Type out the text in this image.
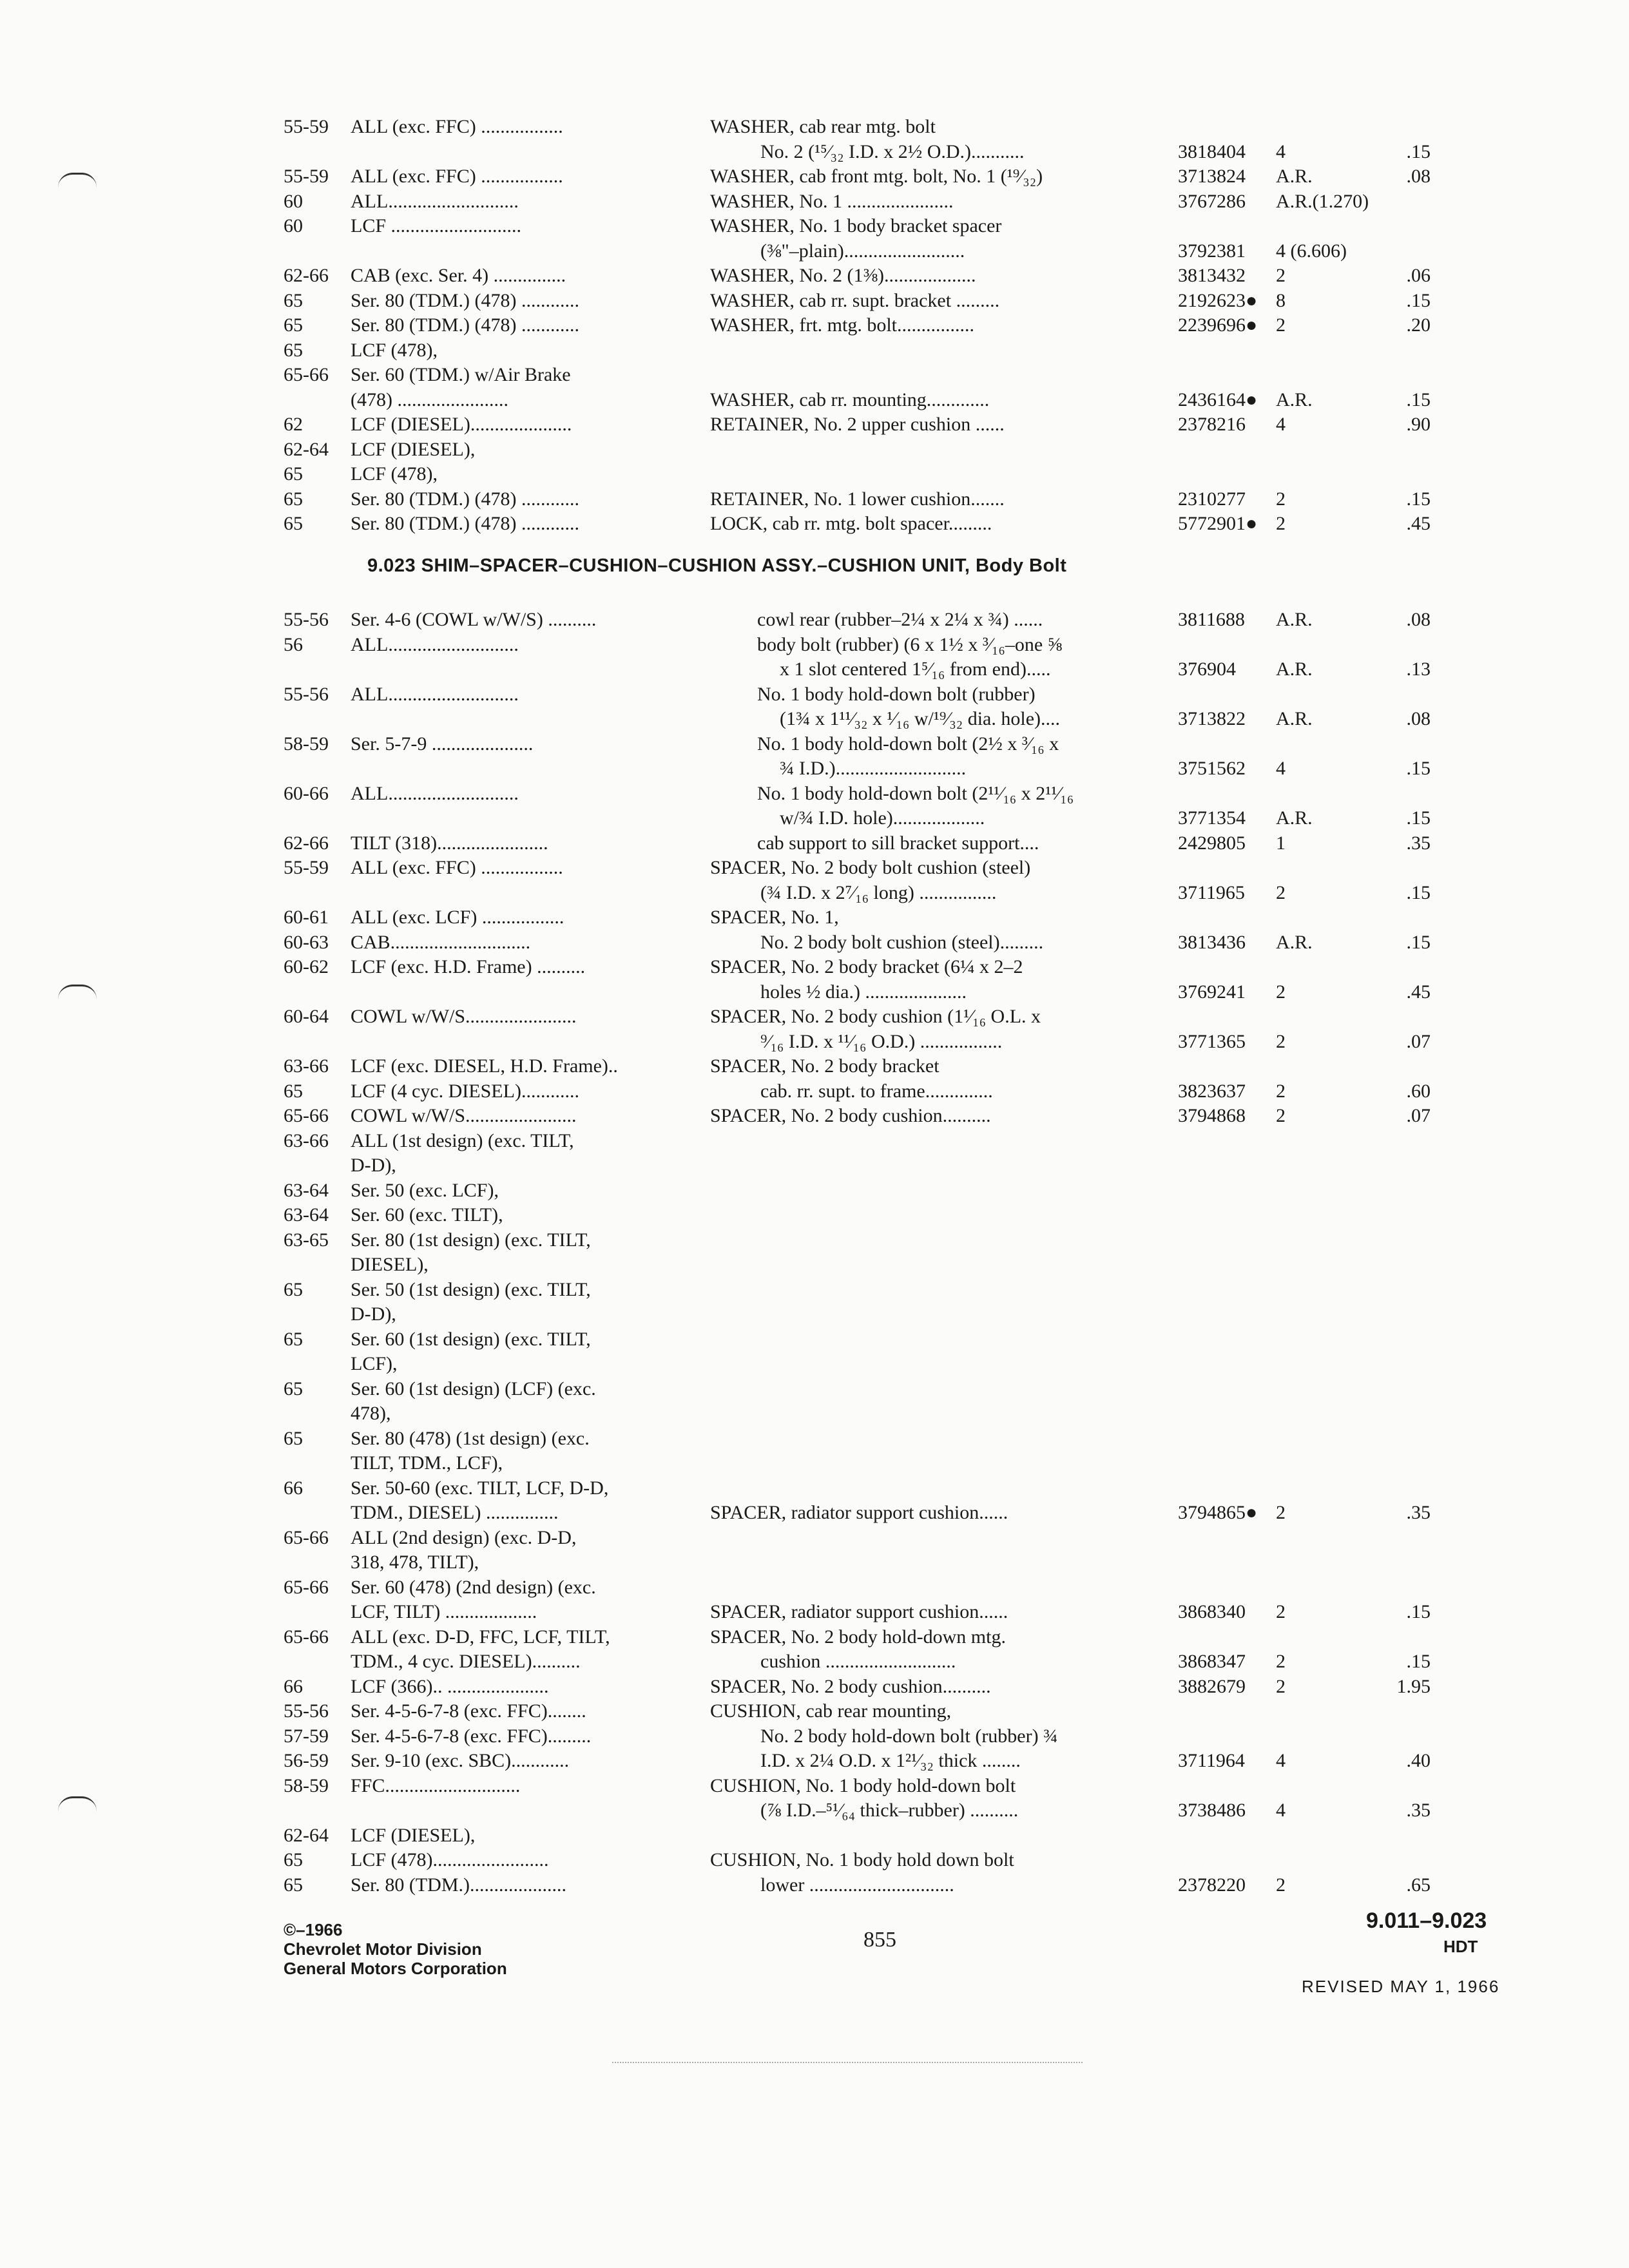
55-59 ALL (exc. FFC) .................	WASHER, cab rear mtg. bolt
No. 2 (¹⁵⁄₃₂ I.D. x 2½ O.D.)...........	3818404 4	.15
55-59 ALL (exc. FFC) .................	WASHER, cab front mtg. bolt, No. 1 (¹⁹⁄₃₂)	3713824 A.R.	.08
60 ALL...........................	WASHER, No. 1 ......................	3767286 A.R.(1.270)
60 LCF ...........................	WASHER, No. 1 body bracket spacer
(⅜"–plain).........................	3792381 4 (6.606)
62-66 CAB (exc. Ser. 4) ...............	WASHER, No. 2 (1⅜)...................	3813432 2	.06
65 Ser. 80 (TDM.) (478) ............	WASHER, cab rr. supt. bracket .........	2192623● 8	.15
65 Ser. 80 (TDM.) (478) ............	WASHER, frt. mtg. bolt................	2239696● 2	.20
65 LCF (478),
65-66 Ser. 60 (TDM.) w/Air Brake
(478) .......................	WASHER, cab rr. mounting.............	2436164● A.R.	.15
62 LCF (DIESEL).....................	RETAINER, No. 2 upper cushion ......	2378216 4	.90
62-64 LCF (DIESEL),
65 LCF (478),
65 Ser. 80 (TDM.) (478) ............	RETAINER, No. 1 lower cushion.......	2310277 2	.15
65 Ser. 80 (TDM.) (478) ............	LOCK, cab rr. mtg. bolt spacer.........	5772901● 2	.45
9.023 SHIM–SPACER–CUSHION–CUSHION ASSY.–CUSHION UNIT, Body Bolt
55-56 Ser. 4-6 (COWL w/W/S) ..........	cowl rear (rubber–2¼ x 2¼ x ¾) ......	3811688 A.R.	.08
56 ALL...........................	body bolt (rubber) (6 x 1½ x ³⁄₁₆–one ⅝
x 1 slot centered 1⁵⁄₁₆ from end).....	376904 A.R.	.13
55-56 ALL...........................	No. 1 body hold-down bolt (rubber)
(1¾ x 1¹¹⁄₃₂ x ¹⁄₁₆ w/¹⁹⁄₃₂ dia. hole)....	3713822 A.R.	.08
58-59 Ser. 5-7-9 .....................	No. 1 body hold-down bolt (2½ x ³⁄₁₆ x
¾ I.D.)...........................	3751562 4	.15
60-66 ALL...........................	No. 1 body hold-down bolt (2¹¹⁄₁₆ x 2¹¹⁄₁₆
w/¾ I.D. hole)...................	3771354 A.R.	.15
62-66 TILT (318).......................	cab support to sill bracket support....	2429805 1	.35
55-59 ALL (exc. FFC) .................	SPACER, No. 2 body bolt cushion (steel)
(¾ I.D. x 2⁷⁄₁₆ long) ................	3711965 2	.15
60-61 ALL (exc. LCF) .................	SPACER, No. 1,
60-63 CAB.............................	No. 2 body bolt cushion (steel).........	3813436 A.R.	.15
60-62 LCF (exc. H.D. Frame) ..........	SPACER, No. 2 body bracket (6¼ x 2–2
holes ½ dia.) .....................	3769241 2	.45
60-64 COWL w/W/S.......................	SPACER, No. 2 body cushion (1¹⁄₁₆ O.L. x
⁹⁄₁₆ I.D. x ¹¹⁄₁₆ O.D.) .................	3771365 2	.07
63-66 LCF (exc. DIESEL, H.D. Frame)..	SPACER, No. 2 body bracket
65 LCF (4 cyc. DIESEL)............	cab. rr. supt. to frame..............	3823637 2	.60
65-66 COWL w/W/S.......................	SPACER, No. 2 body cushion..........	3794868 2	.07
63-66 ALL (1st design) (exc. TILT,
D-D),
63-64 Ser. 50 (exc. LCF),
63-64 Ser. 60 (exc. TILT),
63-65 Ser. 80 (1st design) (exc. TILT,
DIESEL),
65 Ser. 50 (1st design) (exc. TILT,
D-D),
65 Ser. 60 (1st design) (exc. TILT,
LCF),
65 Ser. 60 (1st design) (LCF) (exc.
478),
65 Ser. 80 (478) (1st design) (exc.
TILT, TDM., LCF),
66 Ser. 50-60 (exc. TILT, LCF, D-D,
TDM., DIESEL) ...............	SPACER, radiator support cushion......	3794865● 2	.35
65-66 ALL (2nd design) (exc. D-D,
318, 478, TILT),
65-66 Ser. 60 (478) (2nd design) (exc.
LCF, TILT) ...................	SPACER, radiator support cushion......	3868340 2	.15
65-66 ALL (exc. D-D, FFC, LCF, TILT,	SPACER, No. 2 body hold-down mtg.
TDM., 4 cyc. DIESEL)..........	cushion ...........................	3868347 2	.15
66 LCF (366).. .....................	SPACER, No. 2 body cushion..........	3882679 2	1.95
55-56 Ser. 4-5-6-7-8 (exc. FFC)........	CUSHION, cab rear mounting,
57-59 Ser. 4-5-6-7-8 (exc. FFC).........	No. 2 body hold-down bolt (rubber) ¾
56-59 Ser. 9-10 (exc. SBC)............	I.D. x 2¼ O.D. x 1²¹⁄₃₂ thick ........	3711964 4	.40
58-59 FFC............................	CUSHION, No. 1 body hold-down bolt
(⅞ I.D.–⁵¹⁄₆₄ thick–rubber) ..........	3738486 4	.35
62-64 LCF (DIESEL),
65 LCF (478)........................	CUSHION, No. 1 body hold down bolt
65 Ser. 80 (TDM.)....................	lower ..............................	2378220 2	.65
©–1966
Chevrolet Motor Division
General Motors Corporation
855
9.011–9.023
HDT
REVISED MAY 1, 1966
